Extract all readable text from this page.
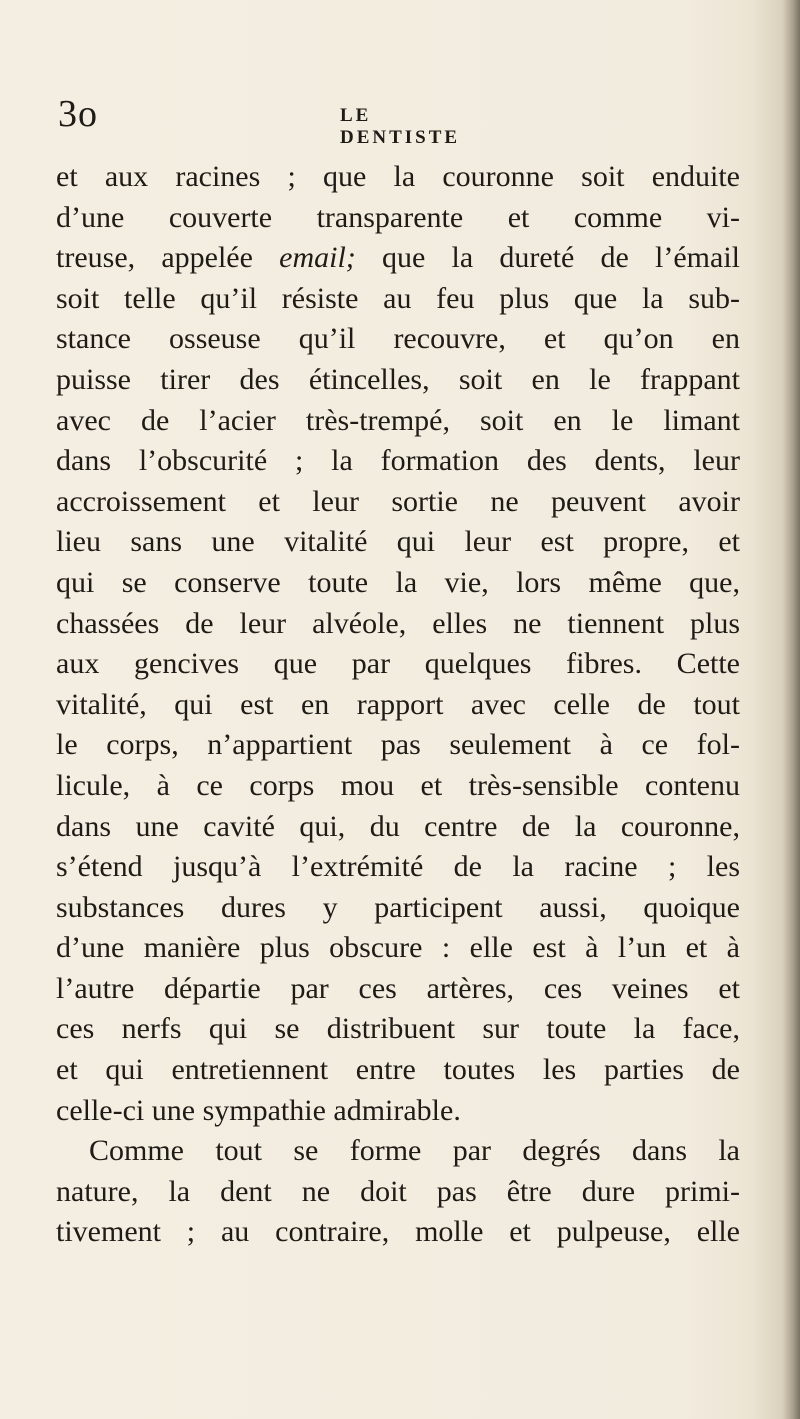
3o	LE DENTISTE
et aux racines ; que la couronne soit enduite
d’une couverte transparente et comme vi-
treuse, appelée email; que la dureté de l’émail
soit telle qu’il résiste au feu plus que la sub-
stance osseuse qu’il recouvre, et qu’on en
puisse tirer des étincelles, soit en le frappant
avec de l’acier très-trempé, soit en le limant
dans l’obscurité ; la formation des dents, leur
accroissement et leur sortie ne peuvent avoir
lieu sans une vitalité qui leur est propre, et
qui se conserve toute la vie, lors même que,
chassées de leur alvéole, elles ne tiennent plus
aux gencives que par quelques fibres. Cette
vitalité, qui est en rapport avec celle de tout
le corps, n’appartient pas seulement à ce fol-
licule, à ce corps mou et très-sensible contenu
dans une cavité qui, du centre de la couronne,
s’étend jusqu’à l’extrémité de la racine ; les
substances dures y participent aussi, quoique
d’une manière plus obscure : elle est à l’un et à
l’autre départie par ces artères, ces veines et
ces nerfs qui se distribuent sur toute la face,
et qui entretiennent entre toutes les parties de
celle-ci une sympathie admirable.
Comme tout se forme par degrés dans la
nature, la dent ne doit pas être dure primi-
tivement ; au contraire, molle et pulpeuse, elle
